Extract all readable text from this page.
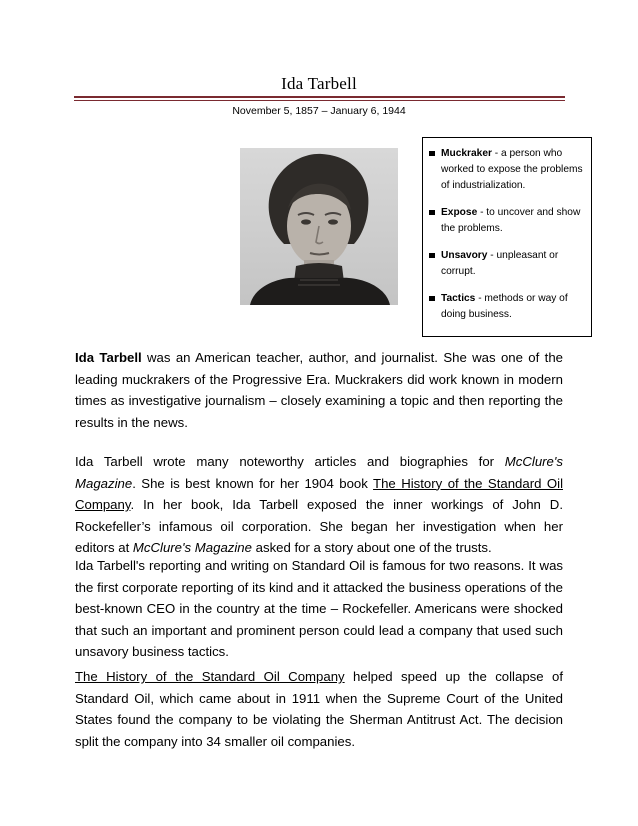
Ida Tarbell
November 5, 1857 – January 6, 1944
Muckraker - a person who worked to expose the problems of industrialization.
Expose - to uncover and show the problems.
Unsavory - unpleasant or corrupt.
Tactics - methods or way of doing business.

Ida Tarbell was an American teacher, author, and journalist. She was one of the leading muckrakers of the Progressive Era. Muckrakers did work known in modern times as investigative journalism – closely examining a topic and then reporting the results in the news.

Ida Tarbell wrote many noteworthy articles and biographies for McClure's Magazine. She is best known for her 1904 book The History of the Standard Oil Company. In her book, Ida Tarbell exposed the inner workings of John D. Rockefeller’s infamous oil corporation. She began her investigation when her editors at McClure's Magazine asked for a story about one of the trusts.

Ida Tarbell's reporting and writing on Standard Oil is famous for two reasons. It was the first corporate reporting of its kind and it attacked the business operations of the best-known CEO in the country at the time – Rockefeller. Americans were shocked that such an important and prominent person could lead a company that used such unsavory business tactics.

The History of the Standard Oil Company helped speed up the collapse of Standard Oil, which came about in 1911 when the Supreme Court of the United States found the company to be violating the Sherman Antitrust Act. The decision split the company into 34 smaller oil companies.
